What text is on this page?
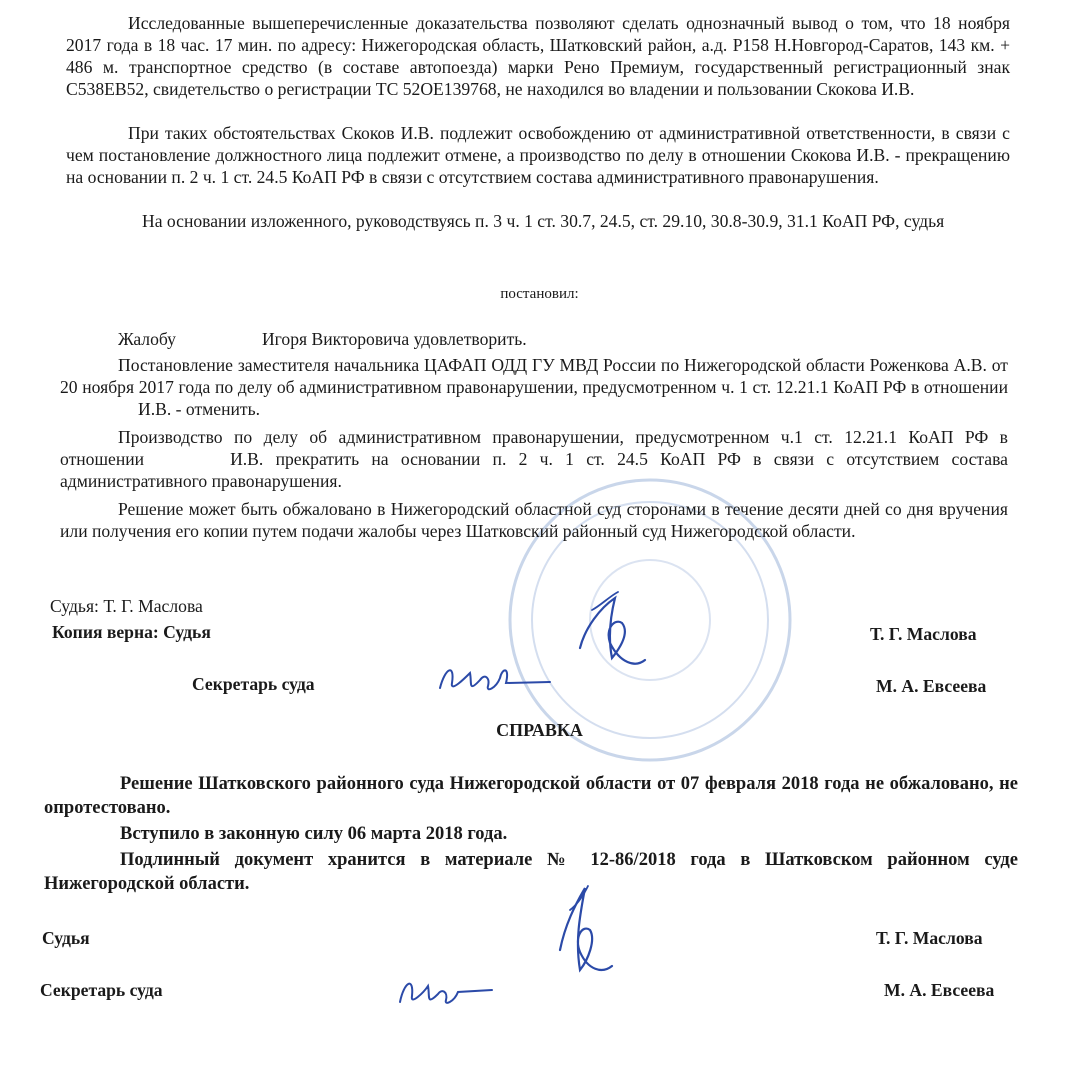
Исследованные вышеперечисленные доказательства позволяют сделать однозначный вывод о том, что 18 ноября 2017 года в 18 час. 17 мин. по адресу: Нижегородская область, Шатковский район, а.д. Р158 Н.Новгород-Саратов, 143 км. + 486 м. транспортное средство (в составе автопоезда) марки Рено Премиум, государственный регистрационный знак С538ЕВ52, свидетельство о регистрации ТС 52ОЕ139768, не находился во владении и пользовании Скокова И.В.

При таких обстоятельствах Скоков И.В. подлежит освобождению от административной ответственности, в связи с чем постановление должностного лица подлежит отмене, а производство по делу в отношении Скокова И.В. - прекращению на основании п. 2 ч. 1 ст. 24.5 КоАП РФ в связи с отсутствием состава административного правонарушения.

На основании изложенного, руководствуясь п. 3 ч. 1 ст. 30.7, 24.5, ст. 29.10, 30.8-30.9, 31.1 КоАП РФ, судья

постановил:

Жалобу	Игоря Викторовича удовлетворить.

Постановление заместителя начальника ЦАФАП ОДД ГУ МВД России по Нижегородской области Роженкова А.В. от 20 ноября 2017 года по делу об административном правонарушении, предусмотренном ч. 1 ст. 12.21.1 КоАП РФ в отношенииИ.В. - отменить.

Производство по делу об административном правонарушении, предусмотренном ч.1 ст. 12.21.1 КоАП РФ в отношении	И.В. прекратить на основании п. 2 ч. 1 ст. 24.5 КоАП РФ в связи с отсутствием состава административного правонарушения.

Решение может быть обжаловано в Нижегородский областной суд сторонами в течение десяти дней со дня вручения или получения его копии путем подачи жалобы через Шатковский районный суд Нижегородской области.

Судья: Т. Г. Маслова
Копия верна: Судья	Т. Г. Маслова
Секретарь суда	М. А. Евсеева
СПРАВКА

Решение Шатковского районного суда Нижегородской области от 07 февраля 2018 года не обжаловано, не опротестовано.

Вступило в законную силу 06 марта 2018 года.

Подлинный документ хранится в материале № 12-86/2018 года в Шатковском районном суде Нижегородской области.

Судья	Т. Г. Маслова
Секретарь суда	М. А. Евсеева
